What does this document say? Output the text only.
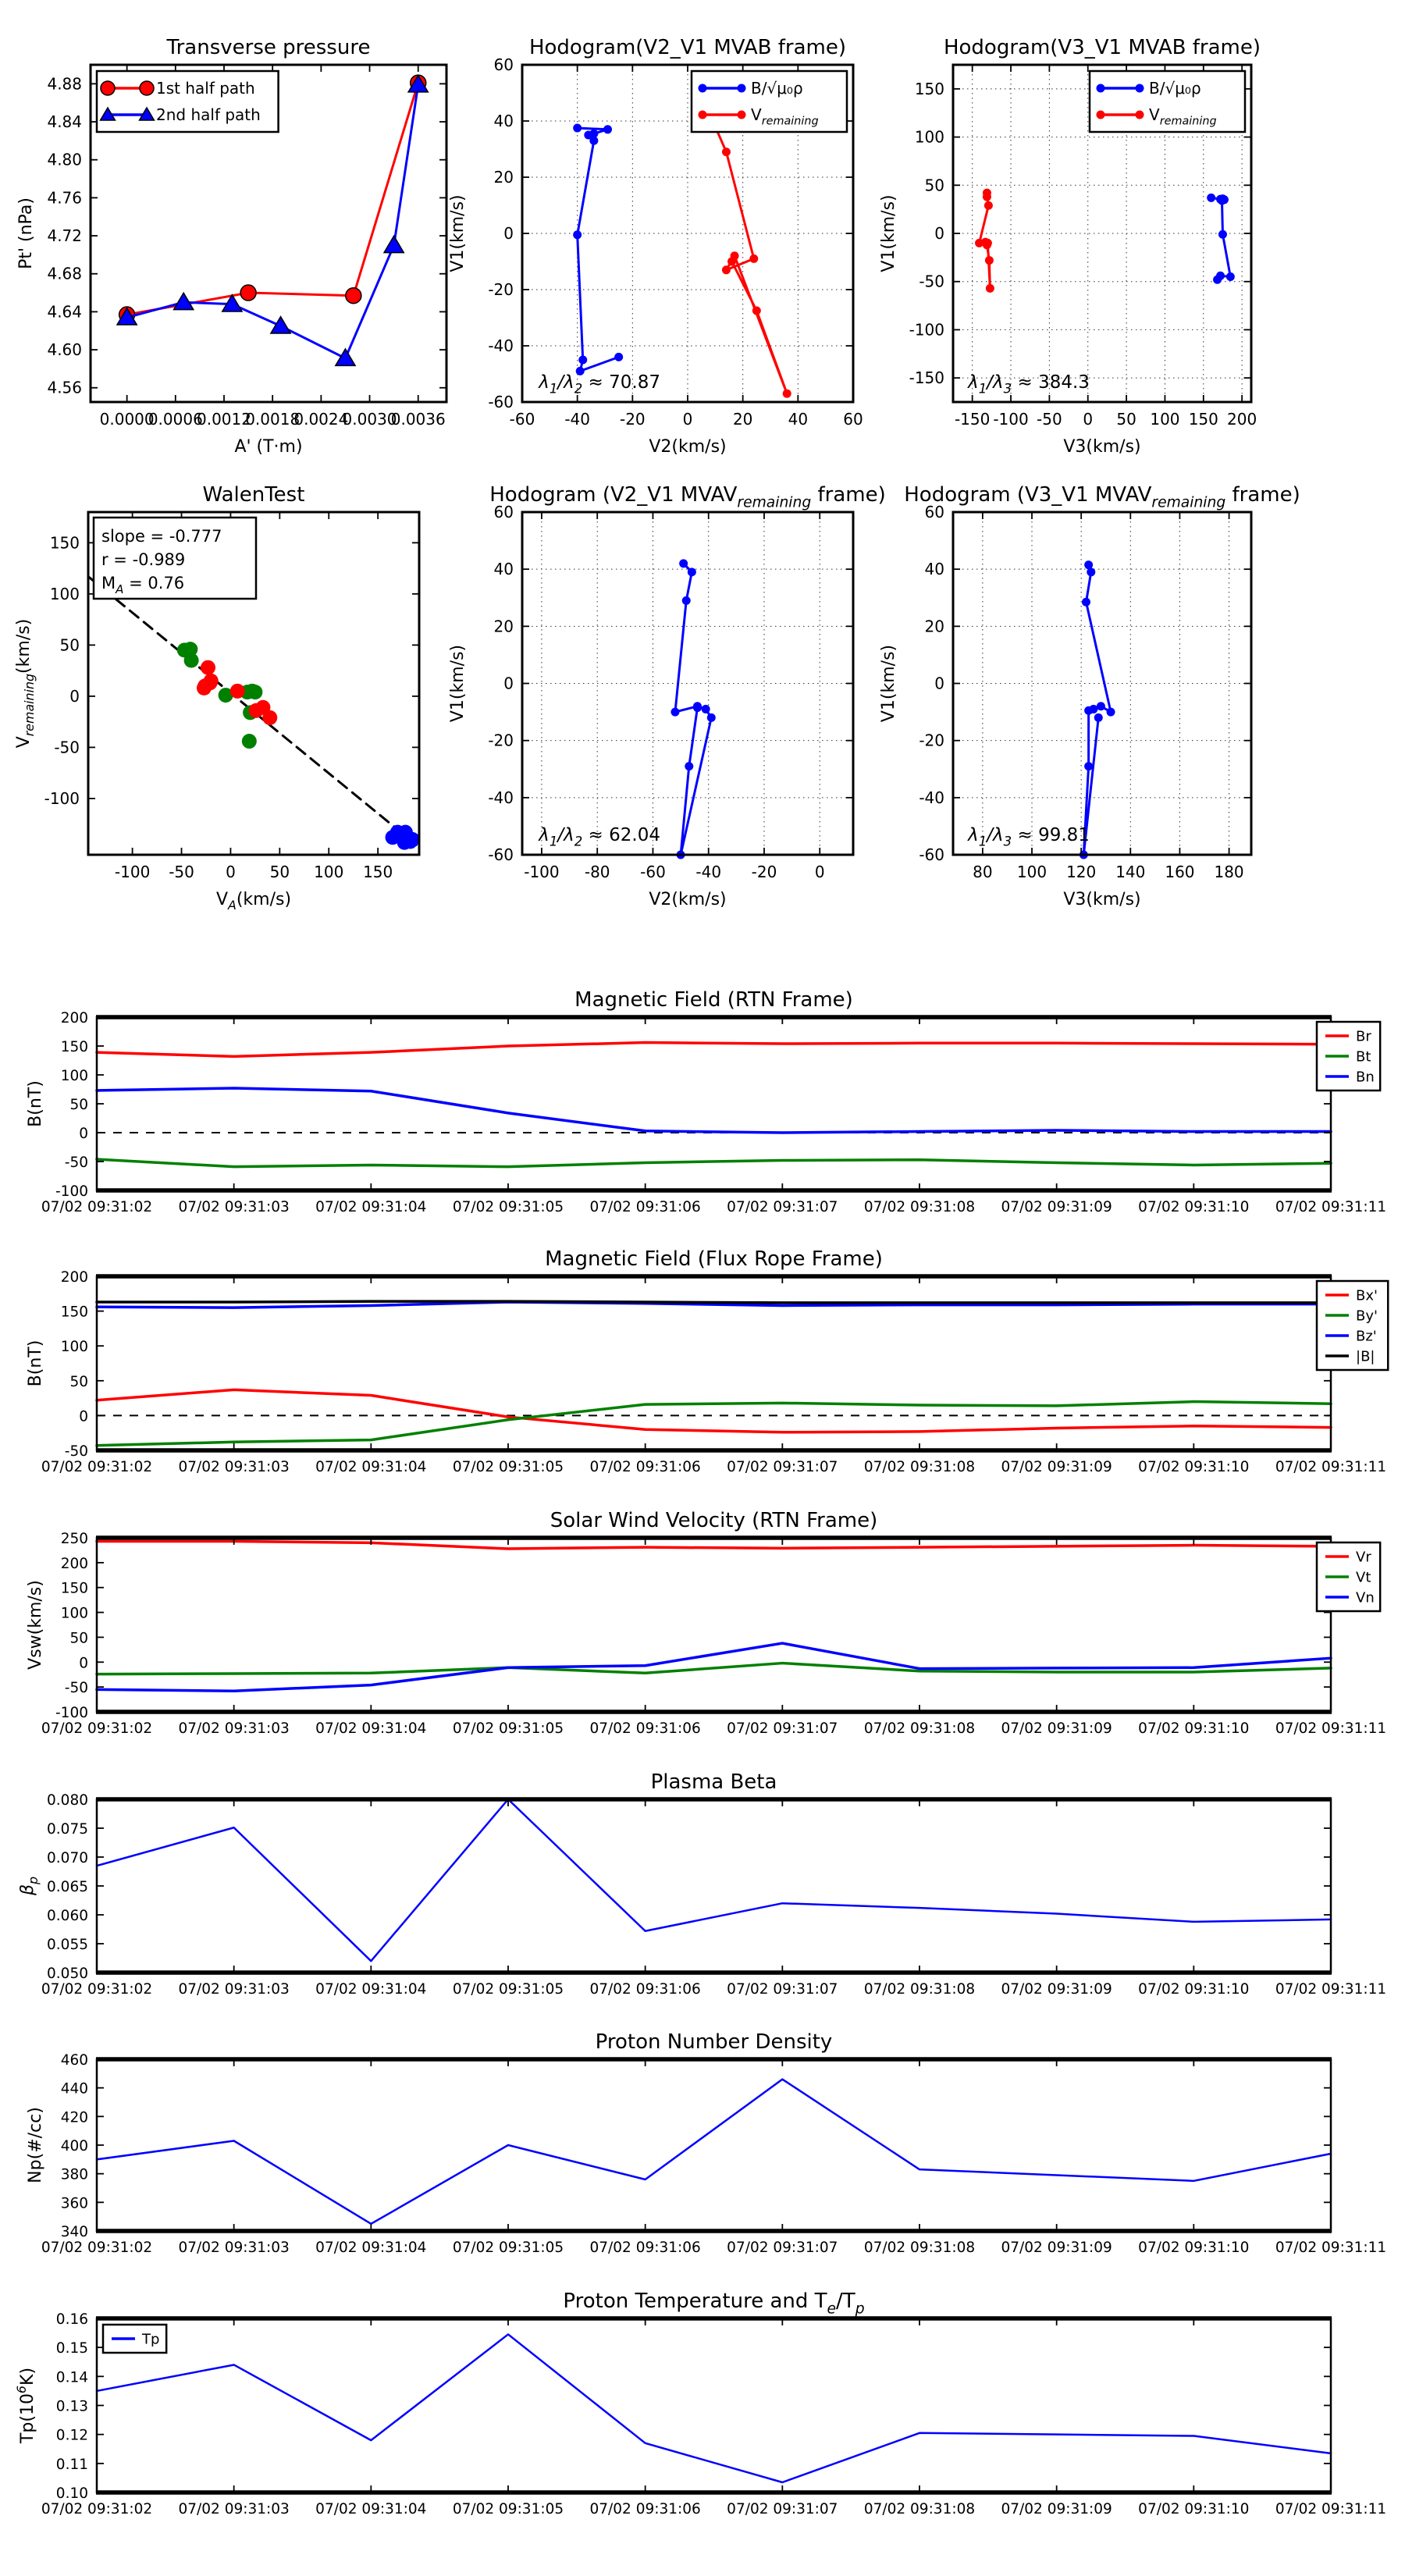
0.0000
0.0006
0.0012
0.0018
0.0024
0.0030
0.0036
4.56
4.60
4.64
4.68
4.72
4.76
4.80
4.84
4.88
Transverse pressure
A' (T·m)
Pt' (nPa)
1st half path
2nd half path
-60 -40 -20 0	20 40 60
-60
-40
-20
0
20
40
60
Hodogram(V2_V1 MVAB frame)
V2(km/s)
V1(km/s)
$\lambda_1/\lambda_2 \approx 70.87$
B/√μ₀ρ
$V_{remaining}$
-150 -100 -50 0 50 100 150 200
-150
-100
-50
0
50
100
150
Hodogram(V3_V1 MVAB frame)
V3(km/s)
V1(km/s)
$\lambda_1/\lambda_3 \approx 384.3$
B/√μ₀ρ
$V_{remaining}$
-100 -50 0 50 100 150
-100
-50
0
50
100
150
WalenTest
$V_A(km/s)$
$V_{remaining}(km/s)$
slope = -0.777
r = -0.989
$M_A = 0.76$
-100 -80 -60 -40 -20 0
-60
-40
-20
0
20
40
60
Hodogram (V2_V1 $MVAV_{remaining}$ frame)
V2(km/s)
V1(km/s)
$\lambda_1/\lambda_2 \approx 62.04$
80 100 120 140 160 180
-60
-40
-20
0
20
40
60
Hodogram (V3_V1 $MVAV_{remaining}$ frame)
V3(km/s)
V1(km/s)
$\lambda_1/\lambda_3 \approx 99.81$
07/02 09:31:02 07/02 09:31:03 07/02 09:31:04 07/02 09:31:05 07/02 09:31:06 07/02 09:31:07 07/02 09:31:08 07/02 09:31:09 07/02 09:31:10 07/02 09:31:11
-100
-50
0
50
100
150
200
Magnetic Field (RTN Frame)
B(nT)
Br
Bt
Bn
07/02 09:31:02 07/02 09:31:03 07/02 09:31:04 07/02 09:31:05 07/02 09:31:06 07/02 09:31:07 07/02 09:31:08 07/02 09:31:09 07/02 09:31:10 07/02 09:31:11
-50
0
50
100
150
200
Magnetic Field (Flux Rope Frame)
B(nT)
Bx'
By'
Bz'
|B|
07/02 09:31:02 07/02 09:31:03 07/02 09:31:04 07/02 09:31:05 07/02 09:31:06 07/02 09:31:07 07/02 09:31:08 07/02 09:31:09 07/02 09:31:10 07/02 09:31:11
-100
-50
0
50
100
150
200
250
Solar Wind Velocity (RTN Frame)
Vsw(km/s)
Vr
Vt
Vn
07/02 09:31:02 07/02 09:31:03 07/02 09:31:04 07/02 09:31:05 07/02 09:31:06 07/02 09:31:07 07/02 09:31:08 07/02 09:31:09 07/02 09:31:10 07/02 09:31:11
0.050
0.055
0.060
0.065
0.070
0.075
0.080
Plasma Beta
$\beta_p$
07/02 09:31:02 07/02 09:31:03 07/02 09:31:04 07/02 09:31:05 07/02 09:31:06 07/02 09:31:07 07/02 09:31:08 07/02 09:31:09 07/02 09:31:10 07/02 09:31:11
340
360
380
400
420
440
460
Proton Number Density
Np(#/cc)
07/02 09:31:02 07/02 09:31:03 07/02 09:31:04 07/02 09:31:05 07/02 09:31:06 07/02 09:31:07 07/02 09:31:08 07/02 09:31:09 07/02 09:31:10 07/02 09:31:11
0.10
0.11
0.12
0.13
0.14
0.15
0.16
Proton Temperature and $T_e/T_p$
$Tp(10^6K)$
Tp
